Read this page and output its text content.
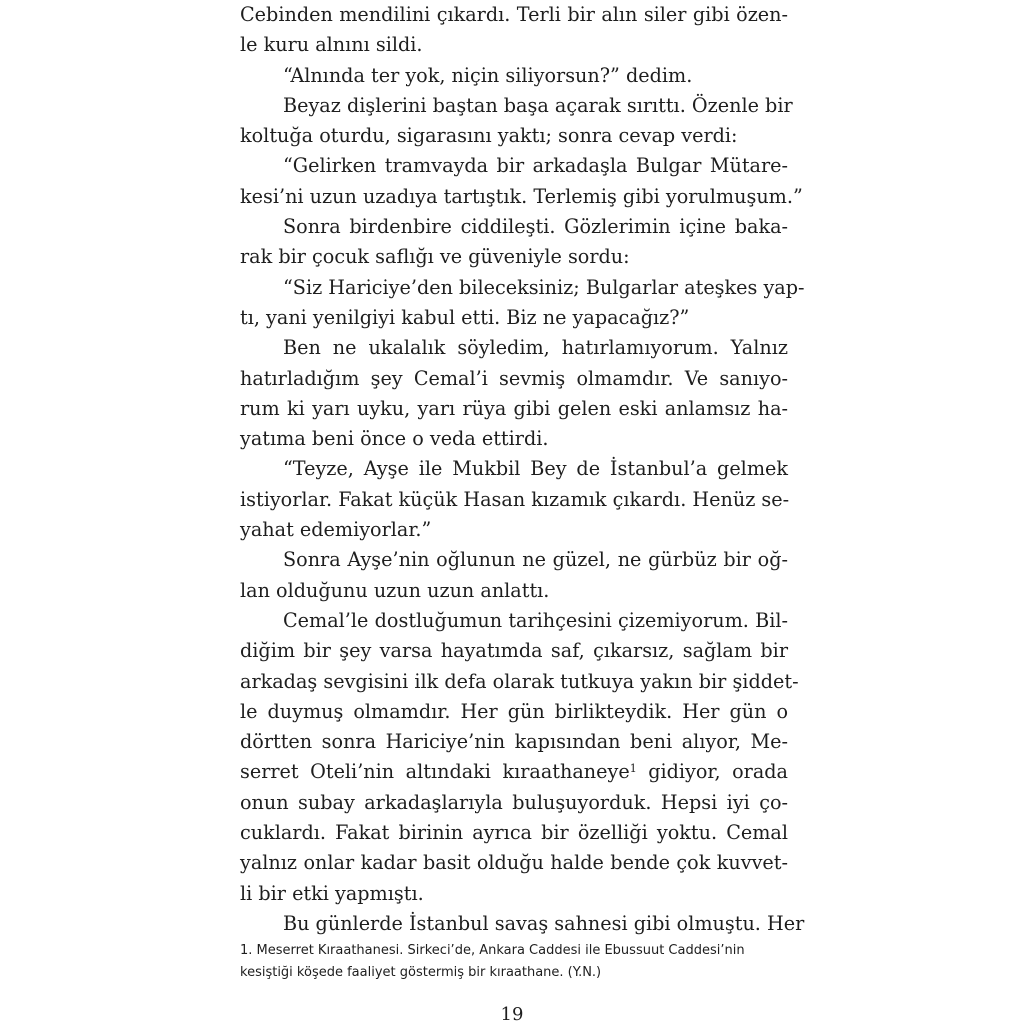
Cebinden mendilini çıkardı. Terli bir alın siler gibi özen-
le kuru alnını sildi.
“Alnında ter yok, niçin siliyorsun?” dedim.
Beyaz dişlerini baştan başa açarak sırıttı. Özenle bir
koltuğa oturdu, sigarasını yaktı; sonra cevap verdi:
“Gelirken tramvayda bir arkadaşla Bulgar Mütare-
kesi’ni uzun uzadıya tartıştık. Terlemiş gibi yorulmuşum.”
Sonra birdenbire ciddileşti. Gözlerimin içine baka-
rak bir çocuk saflığı ve güveniyle sordu:
“Siz Hariciye’den bileceksiniz; Bulgarlar ateşkes yap-
tı, yani yenilgiyi kabul etti. Biz ne yapacağız?”
Ben ne ukalalık söyledim, hatırlamıyorum. Yalnız
hatırladığım şey Cemal’i sevmiş olmamdır. Ve sanıyo-
rum ki yarı uyku, yarı rüya gibi gelen eski anlamsız ha-
yatıma beni önce o veda ettirdi.
“Teyze, Ayşe ile Mukbil Bey de İstanbul’a gelmek
istiyorlar. Fakat küçük Hasan kızamık çıkardı. Henüz se-
yahat edemiyorlar.”
Sonra Ayşe’nin oğlunun ne güzel, ne gürbüz bir oğ-
lan olduğunu uzun uzun anlattı.
Cemal’le dostluğumun tarihçesini çizemiyorum. Bil-
diğim bir şey varsa hayatımda saf, çıkarsız, sağlam bir
arkadaş sevgisini ilk defa olarak tutkuya yakın bir şiddet-
le duymuş olmamdır. Her gün birlikteydik. Her gün o
dörtten sonra Hariciye’nin kapısından beni alıyor, Me-
serret Oteli’nin altındaki kıraathaneye$^1$ gidiyor, orada
onun subay arkadaşlarıyla buluşuyorduk. Hepsi iyi ço-
cuklardı. Fakat birinin ayrıca bir özelliği yoktu. Cemal
yalnız onlar kadar basit olduğu halde bende çok kuvvet-
li bir etki yapmıştı.
Bu günlerde İstanbul savaş sahnesi gibi olmuştu. Her
1. Meserret Kıraathanesi. Sirkeci’de, Ankara Caddesi ile Ebussuut Caddesi’nin
kesiştiği köşede faaliyet göstermiş bir kıraathane. (Y.N.)
19
